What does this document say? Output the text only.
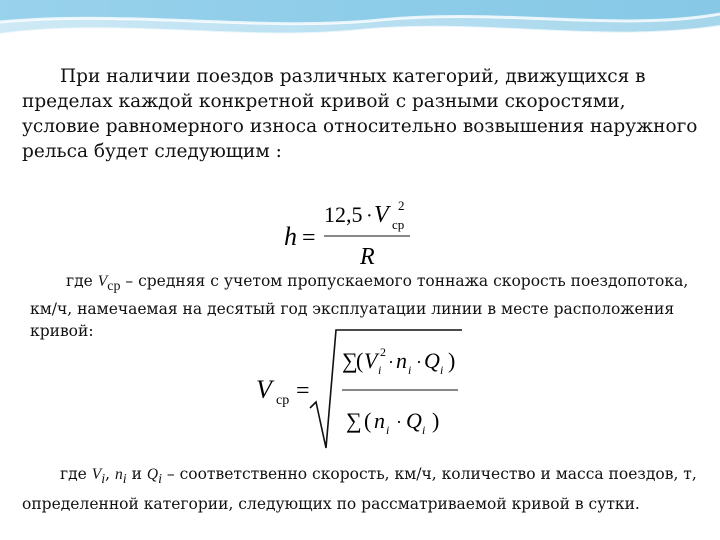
При наличии поездов различных категорий, движущихся в пределах каждой конкретной кривой с разными скоростями, условие равномерного износа относительно возвышения наружного рельса будет следующим :

h =
12,5 · V ср
2
R

где $V_{ср}$ – средняя с учетом пропускаемого тоннажа скорость поездопотока, км/ч, намечаемая на десятый год эксплуатации линии в месте расположения кривой:

V ср =
∑
( V i
2 · n i · Q i )
∑ ( n i · Q i )

где $V_i$, $n_i$ и $Q_i$ – соответственно скорость, км/ч, количество и масса поездов, т, определенной категории, следующих по рассматриваемой кривой в сутки.
